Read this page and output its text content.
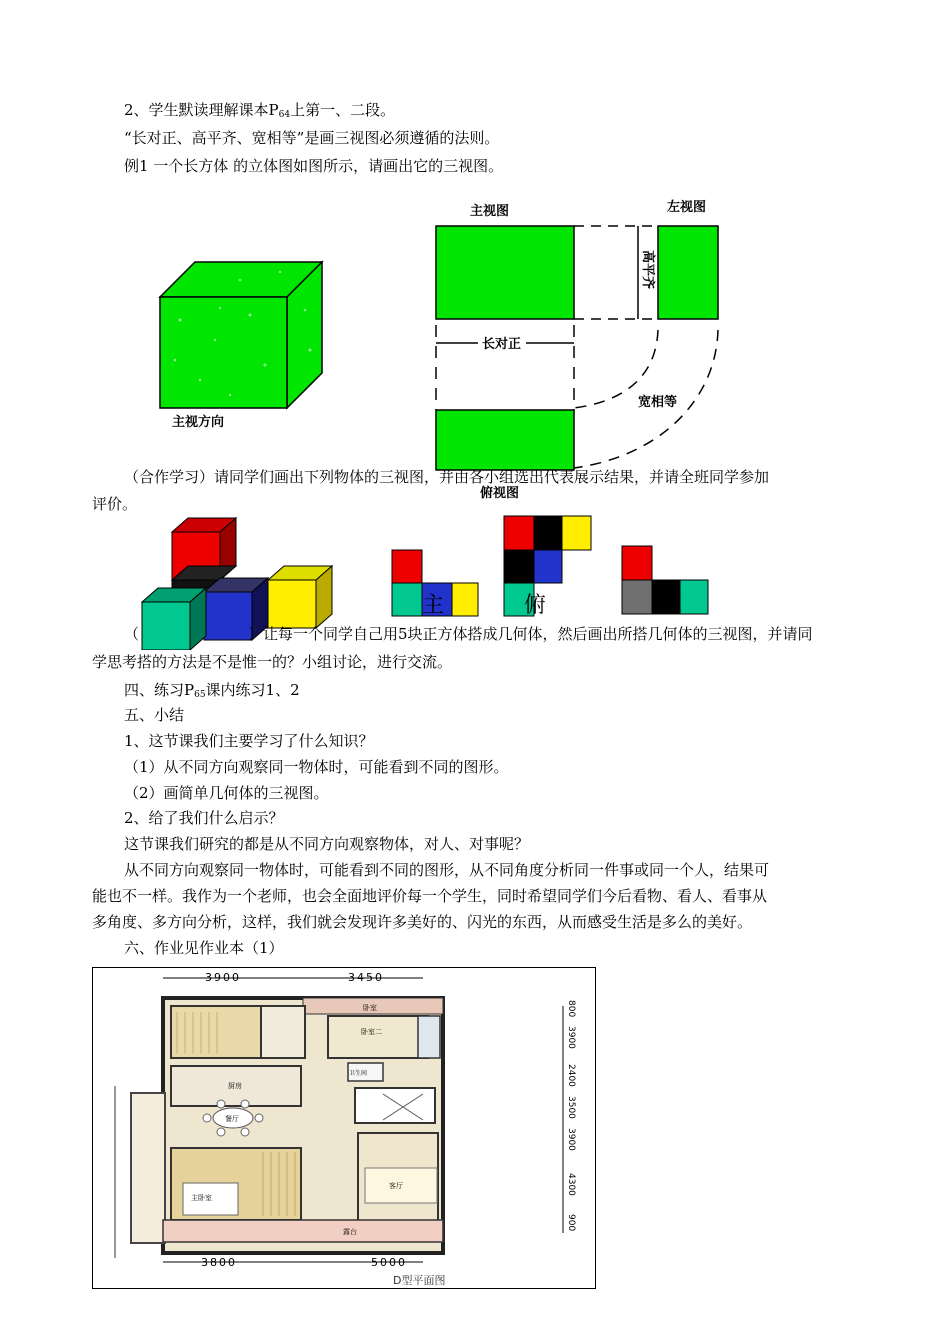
2、学生默读理解课本$P_{64}$上第一、二段。
“长对正、高平齐、宽相等”是画三视图必须遵循的法则。
例1 一个长方体 的立体图如图所示，请画出它的三视图。
主视方向
主视图	左视图
高平齐
长对正
宽相等
（合作学习）请同学们画出下列物体的三视图，并由各小组选出代表展示结果，并请全班同学参加
评价。
俯视图
主	俯	左
（	）让每一个同学自己用5块正方体搭成几何体，然后画出所搭几何体的三视图，并请同
学思考搭的方法是不是惟一的？小组讨论，进行交流。
四、练习$P_{65}$课内练习1、2
五、小结
1、这节课我们主要学习了什么知识？
（1）从不同方向观察同一物体时，可能看到不同的图形。
（2）画简单几何体的三视图。
2、给了我们什么启示？
这节课我们研究的都是从不同方向观察物体，对人、对事呢？
从不同方向观察同一物体时，可能看到不同的图形，从不同角度分析同一件事或同一个人，结果可
能也不一样。我作为一个老师，也会全面地评价每一个学生，同时希望同学们今后看物、看人、看事从
多角度、多方向分析，这样，我们就会发现许多美好的、闪光的东西，从而感受生活是多么的美好。
六、作业见作业本（1）
3900	3450
卧室
卧室二
厨房
卫生间
餐厅
主卧室
客厅
露台
3800	5000
800
3900
2400
3500
3900
4300
900
D型平面图
